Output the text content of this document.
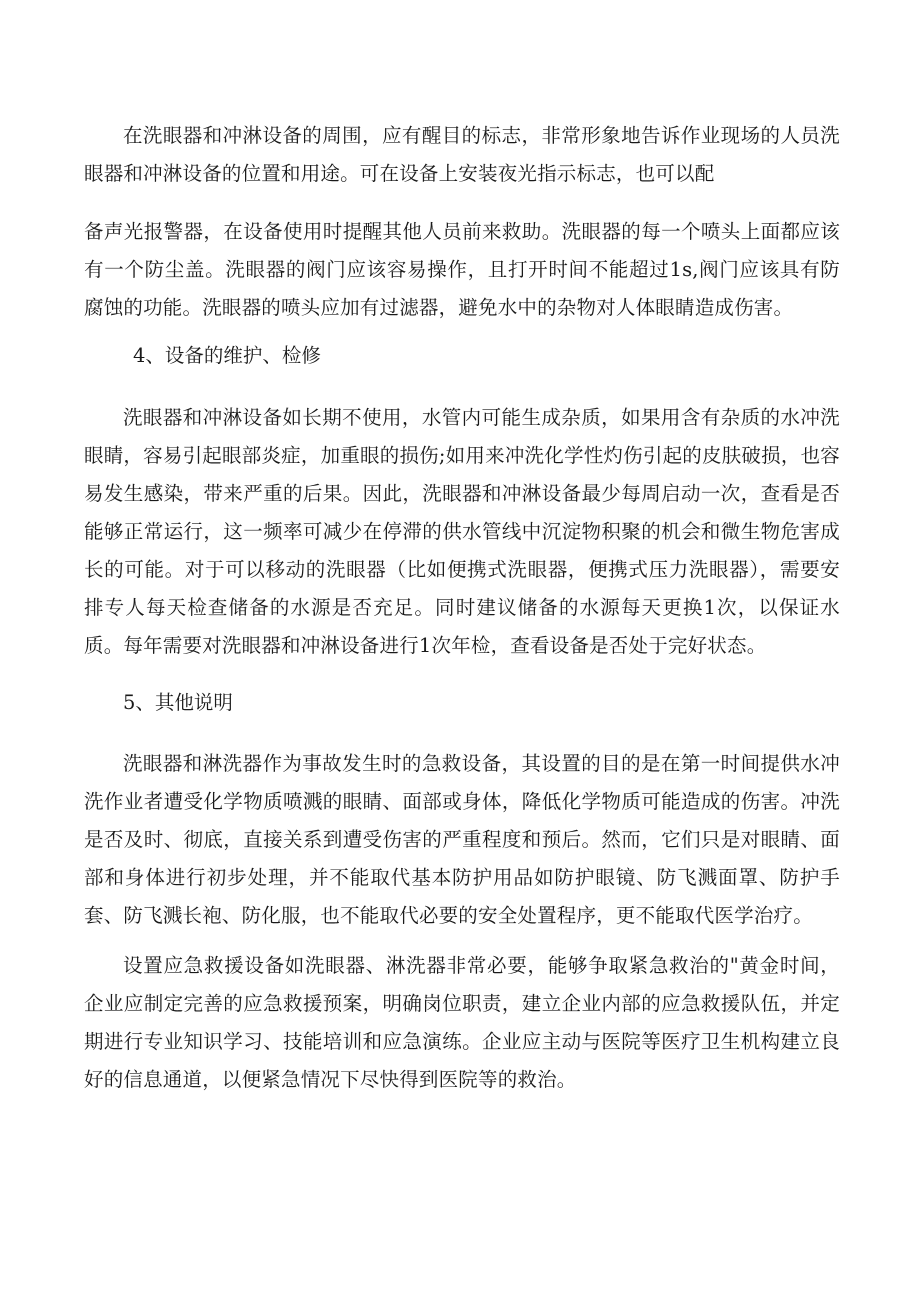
在洗眼器和冲淋设备的周围，应有醒目的标志，非常形象地告诉作业现场的人员洗眼器和冲淋设备的位置和用途。可在设备上安装夜光指示标志，也可以配

备声光报警器，在设备使用时提醒其他人员前来救助。洗眼器的每一个喷头上面都应该有一个防尘盖。洗眼器的阀门应该容易操作，且打开时间不能超过1s,阀门应该具有防腐蚀的功能。洗眼器的喷头应加有过滤器，避免水中的杂物对人体眼睛造成伤害。

4、设备的维护、检修

洗眼器和冲淋设备如长期不使用，水管内可能生成杂质，如果用含有杂质的水冲洗眼睛，容易引起眼部炎症，加重眼的损伤;如用来冲洗化学性灼伤引起的皮肤破损，也容易发生感染，带来严重的后果。因此，洗眼器和冲淋设备最少每周启动一次，查看是否能够正常运行，这一频率可减少在停滞的供水管线中沉淀物积聚的机会和微生物危害成长的可能。对于可以移动的洗眼器（比如便携式洗眼器，便携式压力洗眼器），需要安排专人每天检查储备的水源是否充足。同时建议储备的水源每天更换1次，以保证水质。每年需要对洗眼器和冲淋设备进行1次年检，查看设备是否处于完好状态。

5、其他说明

洗眼器和淋洗器作为事故发生时的急救设备，其设置的目的是在第一时间提供水冲洗作业者遭受化学物质喷溅的眼睛、面部或身体，降低化学物质可能造成的伤害。冲洗是否及时、彻底，直接关系到遭受伤害的严重程度和预后。然而，它们只是对眼睛、面部和身体进行初步处理，并不能取代基本防护用品如防护眼镜、防飞溅面罩、防护手套、防飞溅长袍、防化服，也不能取代必要的安全处置程序，更不能取代医学治疗。

设置应急救援设备如洗眼器、淋洗器非常必要，能够争取紧急救治的"黄金时间，企业应制定完善的应急救援预案，明确岗位职责，建立企业内部的应急救援队伍，并定期进行专业知识学习、技能培训和应急演练。企业应主动与医院等医疗卫生机构建立良好的信息通道，以便紧急情况下尽快得到医院等的救治。
